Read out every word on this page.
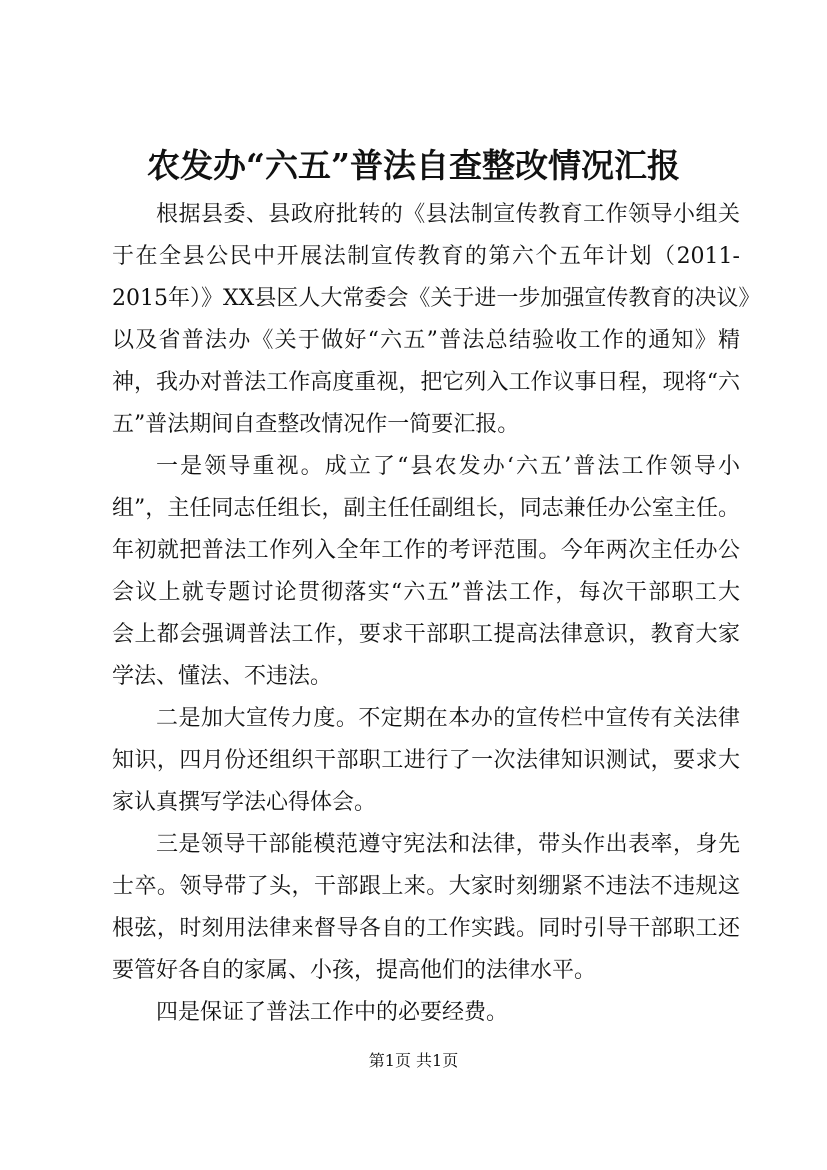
农发办“六五”普法自查整改情况汇报
根据县委、县政府批转的《县法制宣传教育工作领导小组关
于在全县公民中开展法制宣传教育的第六个五年计划（2011-
2015年）》XX县区人大常委会《关于进一步加强宣传教育的决议》
以及省普法办《关于做好“六五”普法总结验收工作的通知》精
神，我办对普法工作高度重视，把它列入工作议事日程，现将“六
五”普法期间自查整改情况作一简要汇报。
一是领导重视。成立了“县农发办‘六五’普法工作领导小
组”，主任同志任组长，副主任任副组长，同志兼任办公室主任。
年初就把普法工作列入全年工作的考评范围。今年两次主任办公
会议上就专题讨论贯彻落实“六五”普法工作，每次干部职工大
会上都会强调普法工作，要求干部职工提高法律意识，教育大家
学法、懂法、不违法。
二是加大宣传力度。不定期在本办的宣传栏中宣传有关法律
知识，四月份还组织干部职工进行了一次法律知识测试，要求大
家认真撰写学法心得体会。
三是领导干部能模范遵守宪法和法律，带头作出表率，身先
士卒。领导带了头，干部跟上来。大家时刻绷紧不违法不违规这
根弦，时刻用法律来督导各自的工作实践。同时引导干部职工还
要管好各自的家属、小孩，提高他们的法律水平。
四是保证了普法工作中的必要经费。
第1页 共1页
